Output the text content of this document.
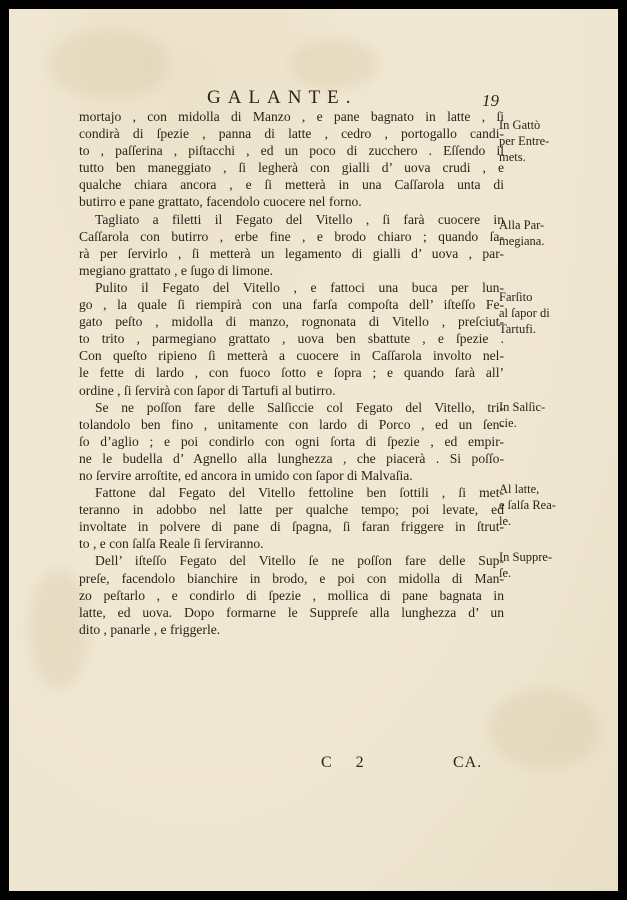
GALANTE.	19
mortajo , con midolla di Manzo , e pane bagnato in latte , ſi
condirà di ſpezie , panna di latte , cedro , portogallo candi-
to , paſſerina , piſtacchi , ed un poco di zucchero . Eſſendo il
tutto ben maneggiato , ſi legherà con gialli d’ uova crudi , e
qualche chiara ancora , e ſi metterà in una Caſſarola unta di
butirro e pane grattato, facendolo cuocere nel forno.
Tagliato a filetti il Fegato del Vitello , ſi farà cuocere in
Caſſarola con butirro , erbe fine , e brodo chiaro ; quando ſa-
rà per ſervirlo , ſi metterà un legamento di gialli d’ uova , par-
megiano grattato , e ſugo di limone.
Pulito il Fegato del Vitello , e fattoci una buca per lun-
go , la quale ſi riempirà con una farſa compoſta dell’ iſteſſo Fe-
gato peſto , midolla di manzo, rognonata di Vitello , preſciut-
to trito , parmegiano grattato , uova ben sbattute , e ſpezie .
Con queſto ripieno ſi metterà a cuocere in Caſſarola involto nel-
le fette di lardo , con fuoco ſotto e ſopra ; e quando ſarà all’
ordine , ſi ſervirà con ſapor di Tartufi al butirro.
Se ne poſſon fare delle Salſiccie col Fegato del Vitello, tri-
tolandolo ben fino , unitamente con lardo di Porco , ed un ſen-
ſo d’aglio ; e poi condirlo con ogni ſorta di ſpezie , ed empir-
ne le budella d’ Agnello alla lunghezza , che piacerà . Si poſſo-
no ſervire arroſtite, ed ancora in umido con ſapor di Malvaſia.
Fattone dal Fegato del Vitello fettoline ben ſottili , ſi met-
teranno in adobbo nel latte per qualche tempo; poi levate, ed
involtate in polvere di pane di ſpagna, ſi faran friggere in ſtrut-
to , e con ſalſa Reale ſi ſerviranno.
Dell’ iſteſſo Fegato del Vitello ſe ne poſſon fare delle Sup-
preſe, facendolo bianchire in brodo, e poi con midolla di Man-
zo peſtarlo , e condirlo di ſpezie , mollica di pane bagnata in
latte, ed uova. Dopo formarne le Suppreſe alla lunghezza d’ un
dito , panarle , e friggerle.
In Gattò
per Entre-
mets.
Alla Par-
megiana.
Farſito
al ſapor di
Tartufi.
In Salſic-
cie.
Al latte,
e ſalſa Rea-
le.
In Suppre-
ſe.
C 2	CA.
